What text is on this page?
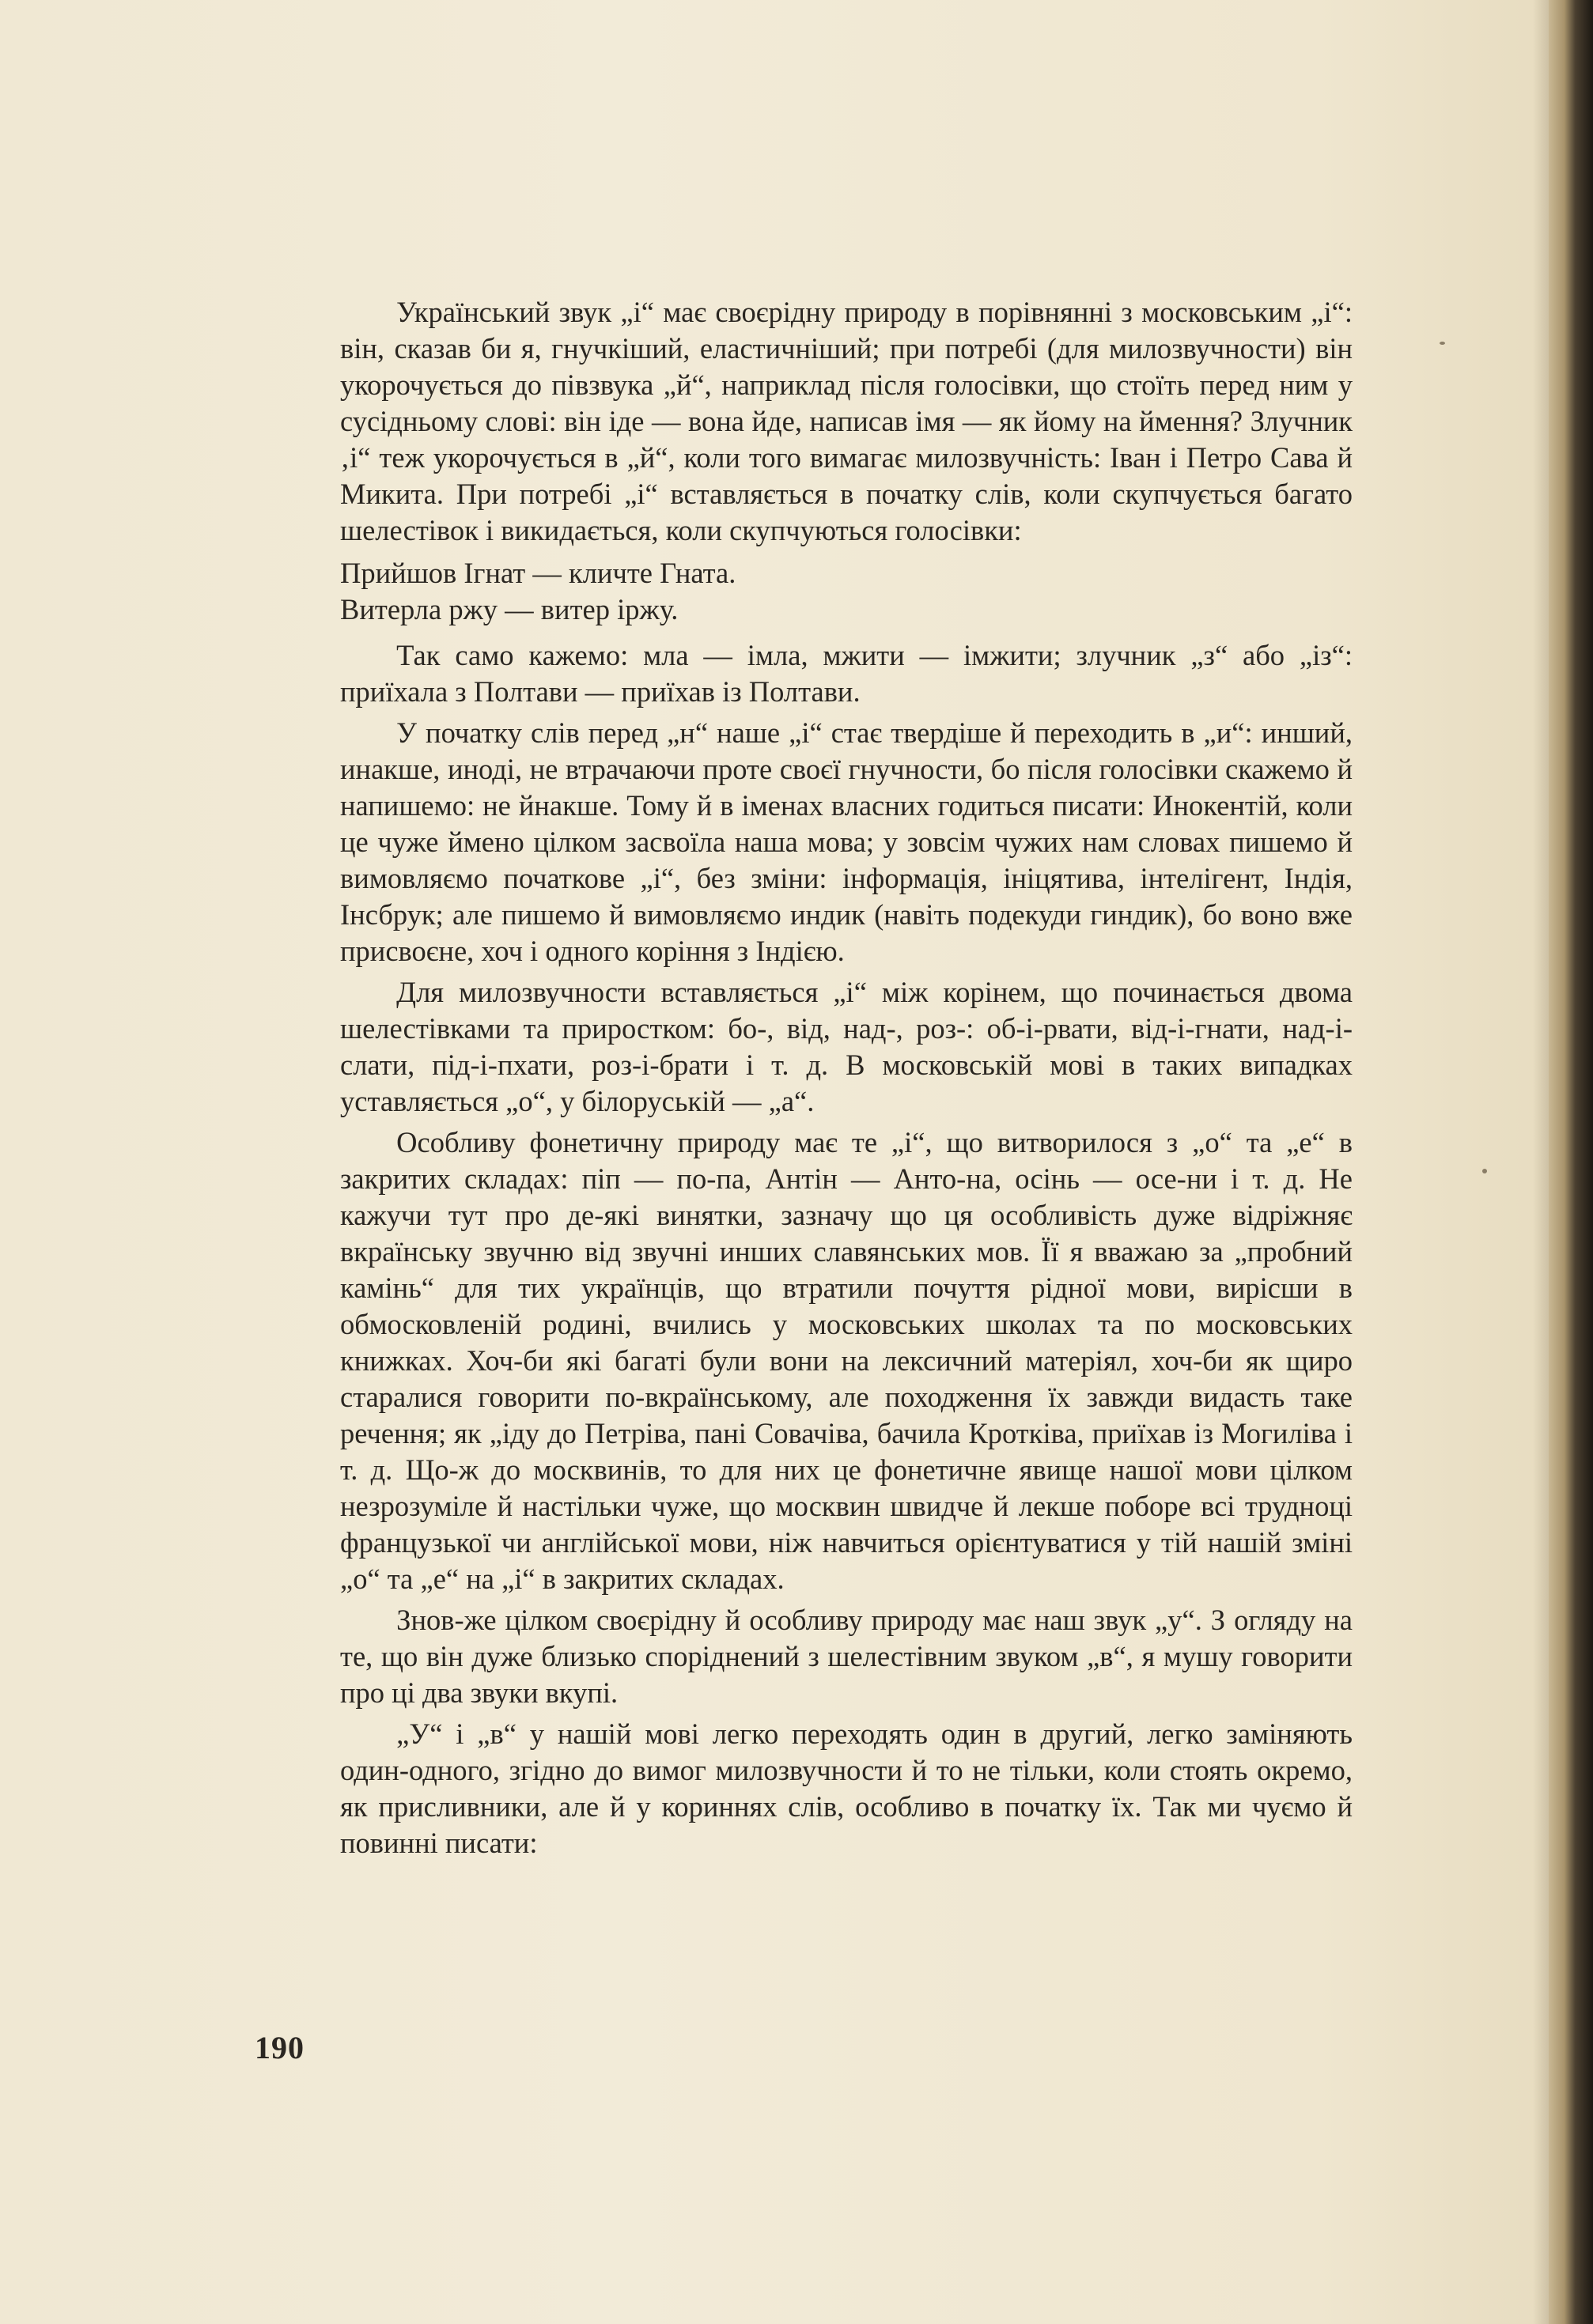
Український звук „і“ має своєрідну природу в порівнянні з московським „і“: він, сказав би я, гнучкіший, еластичніший; при потребі (для милозвучности) він укорочується до півзвука „й“, наприклад після голосівки, що стоїть перед ним у сусідньому слові: він іде — вона йде, написав імя — як йому на ймення? Злучник ‚і“ теж укорочується в „й“, коли того вимагає милозвучність: Іван і Петро Сава й Микита. При потребі „і“ вставляється в початку слів, коли скупчується багато шелестівок і викидається, коли скупчуються голосівки:

Прийшов Ігнат — кличте Гната.

Витерла ржу — витер іржу.

Так само кажемо: мла — імла, мжити — імжити; злучник „з“ або „із“: приїхала з Полтави — приїхав із Полтави.

У початку слів перед „н“ наше „і“ стає твердіше й переходить в „и“: инший, инакше, иноді, не втрачаючи проте своєї гнучности, бо після голосівки скажемо й напишемо: не йнакше. Тому й в іменах власних годиться писати: Инокентій, коли це чуже ймено цілком засвоїла наша мова; у зовсім чужих нам словах пишемо й вимовляємо початкове „і“, без зміни: інформація, ініцятива, інтелігент, Індія, Інсбрук; але пишемо й вимовляємо индик (навіть подекуди гиндик), бо воно вже присвоєне, хоч і одного коріння з Індією.

Для милозвучности вставляється „і“ між корінем, що починається двома шелестівками та приростком: бо-, від, над-, роз-: об-і-рвати, від-і-гнати, над-і-слати, під-і-пхати, роз-і-брати і т. д. В московській мові в таких випадках уставляється „о“, у білоруській — „а“.

Особливу фонетичну природу має те „і“, що витворилося з „о“ та „е“ в закритих складах: піп — по-па, Антін — Анто-на, осінь — осе-ни і т. д. Не кажучи тут про де-які винятки, зазначу що ця особливість дуже відріжняє вкраїнську звучню від звучні инших славянських мов. Її я вважаю за „пробний камінь“ для тих українців, що втратили почуття рідної мови, вирісши в обмосковленій родині, вчились у московських школах та по московських книжках. Хоч-би які багаті були вони на лексичний матеріял, хоч-би як щиро старалися говорити по-вкраїнському, але походження їх завжди видасть таке речення; як „іду до Петріва, пані Совачіва, бачила Кротківа, приїхав із Могиліва і т. д. Що-ж до москвинів, то для них це фонетичне явище нашої мови цілком незрозуміле й настільки чуже, що москвин швидче й лекше поборе всі трудноці французької чи англійської мови, ніж навчиться орієнтуватися у тій нашій зміні „о“ та „е“ на „і“ в закритих складах.

Знов-же цілком своєрідну й особливу природу має наш звук „у“. З огляду на те, що він дуже близько споріднений з шелестівним звуком „в“, я мушу говорити про ці два звуки вкупі.

„У“ і „в“ у нашій мові легко переходять один в другий, легко заміняють один-одного, згідно до вимог милозвучности й то не тільки, коли стоять окремо, як присливники, але й у кориннях слів, особливо в початку їх. Так ми чуємо й повинні писати:

190
